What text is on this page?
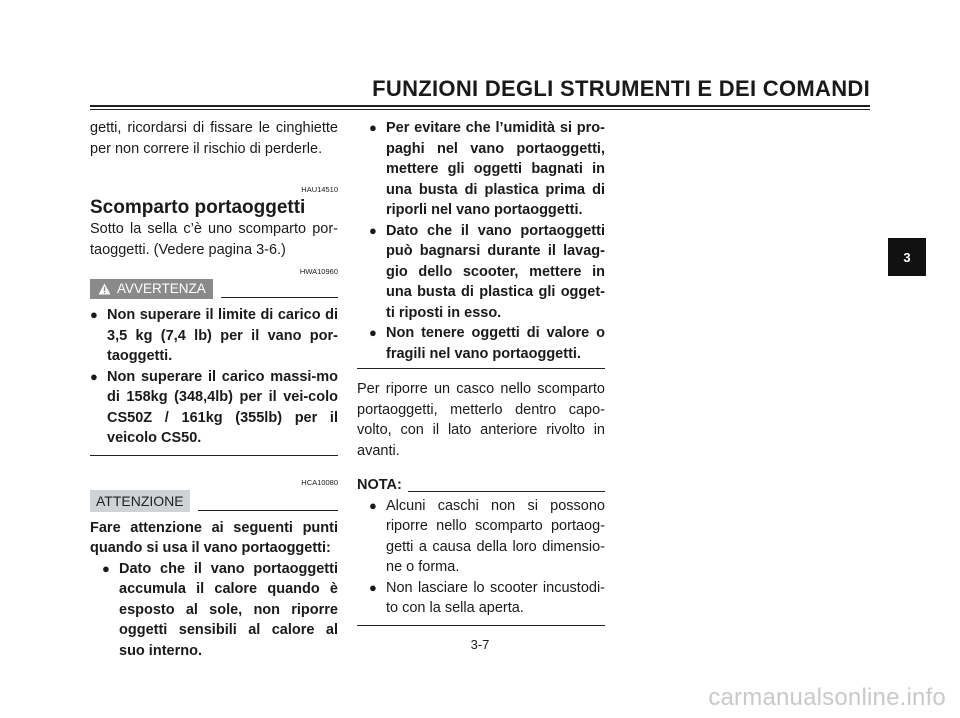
FUNZIONI DEGLI STRUMENTI E DEI COMANDI

getti, ricordarsi di fissare le cinghiette per non correre il rischio di perderle.

HAU14510

Scomparto portaoggetti

Sotto la sella c’è uno scomparto por-taoggetti. (Vedere pagina 3-6.)

HWA10960

AVVERTENZA
● Non superare il limite di carico di 3,5 kg (7,4 lb) per il vano por-taoggetti.
● Non superare il carico massi-mo di 158kg (348,4lb) per il vei-colo CS50Z / 161kg (355lb) per il veicolo CS50.

HCA10080

ATTENZIONE

Fare attenzione ai seguenti punti quando si usa il vano portaoggetti:

● Dato che il vano portaoggetti accumula il calore quando è esposto al sole, non riporre oggetti sensibili al calore al suo interno.
● Per evitare che l’umidità si pro-paghi nel vano portaoggetti, mettere gli oggetti bagnati in una busta di plastica prima di riporli nel vano portaoggetti.
● Dato che il vano portaoggetti può bagnarsi durante il lavag-gio dello scooter, mettere in una busta di plastica gli ogget-ti riposti in esso.
● Non tenere oggetti di valore o fragili nel vano portaoggetti.

Per riporre un casco nello scomparto portaoggetti, metterlo dentro capo-volto, con il lato anteriore rivolto in avanti.

NOTA:
● Alcuni caschi non si possono riporre nello scomparto portaog-getti a causa della loro dimensio-ne o forma.
● Non lasciare lo scooter incustodi-to con la sella aperta.
3-7
3
carmanualsonline.info
